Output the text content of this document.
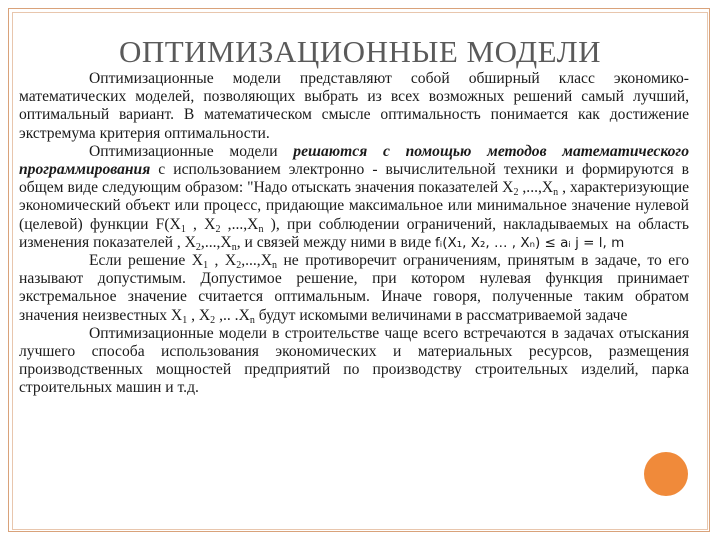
ОПТИМИЗАЦИОННЫЕ МОДЕЛИ

Оптимизационные модели представляют собой обширный класс экономико-математических моделей, позволяющих выбрать из всех возможных решений самый лучший, оптимальный вариант. В математическом смысле оптимальность понимается как достижение экстремума критерия оптимальности.

Оптимизационные модели решаются с помощью методов математического программирования с использованием электронно - вычислительной техники и формируются в общем виде следующим образом: "Надо отыскать значения показателей $X_2$ $,...,X_n$ , характеризующие экономический объект или процесс, придающие максимальное или минимальное значение нулевой (целевой) функции $F(X_1$ , $X_2$ $,...,X_n$ ), при соблюдении ограничений, накладываемых на область изменения показателей , $X_2,...,X_n$, и связей между ними в виде fᵢ(X₁, X₂, … , Xₙ) ≤ aᵢ j = l, m

Если решение $X_1$ , $X_2,...,X_n$ не противоречит ограничениям, принятым в задаче, то его называют допустимым. Допустимое решение, при котором нулевая функция принимает экстремальное значение считается оптимальным. Иначе говоря, полученные таким обратом значения неизвестных $X_1$ , $X_2$ ,.. $.X_n$ будут искомыми величинами в рассматриваемой задаче

Оптимизационные модели в строительстве чаще всего встречаются в задачах отыскания лучшего способа использования экономических и материальных ресурсов, размещения производственных мощностей предприятий по производству строительных изделий, парка строительных машин и т.д.
